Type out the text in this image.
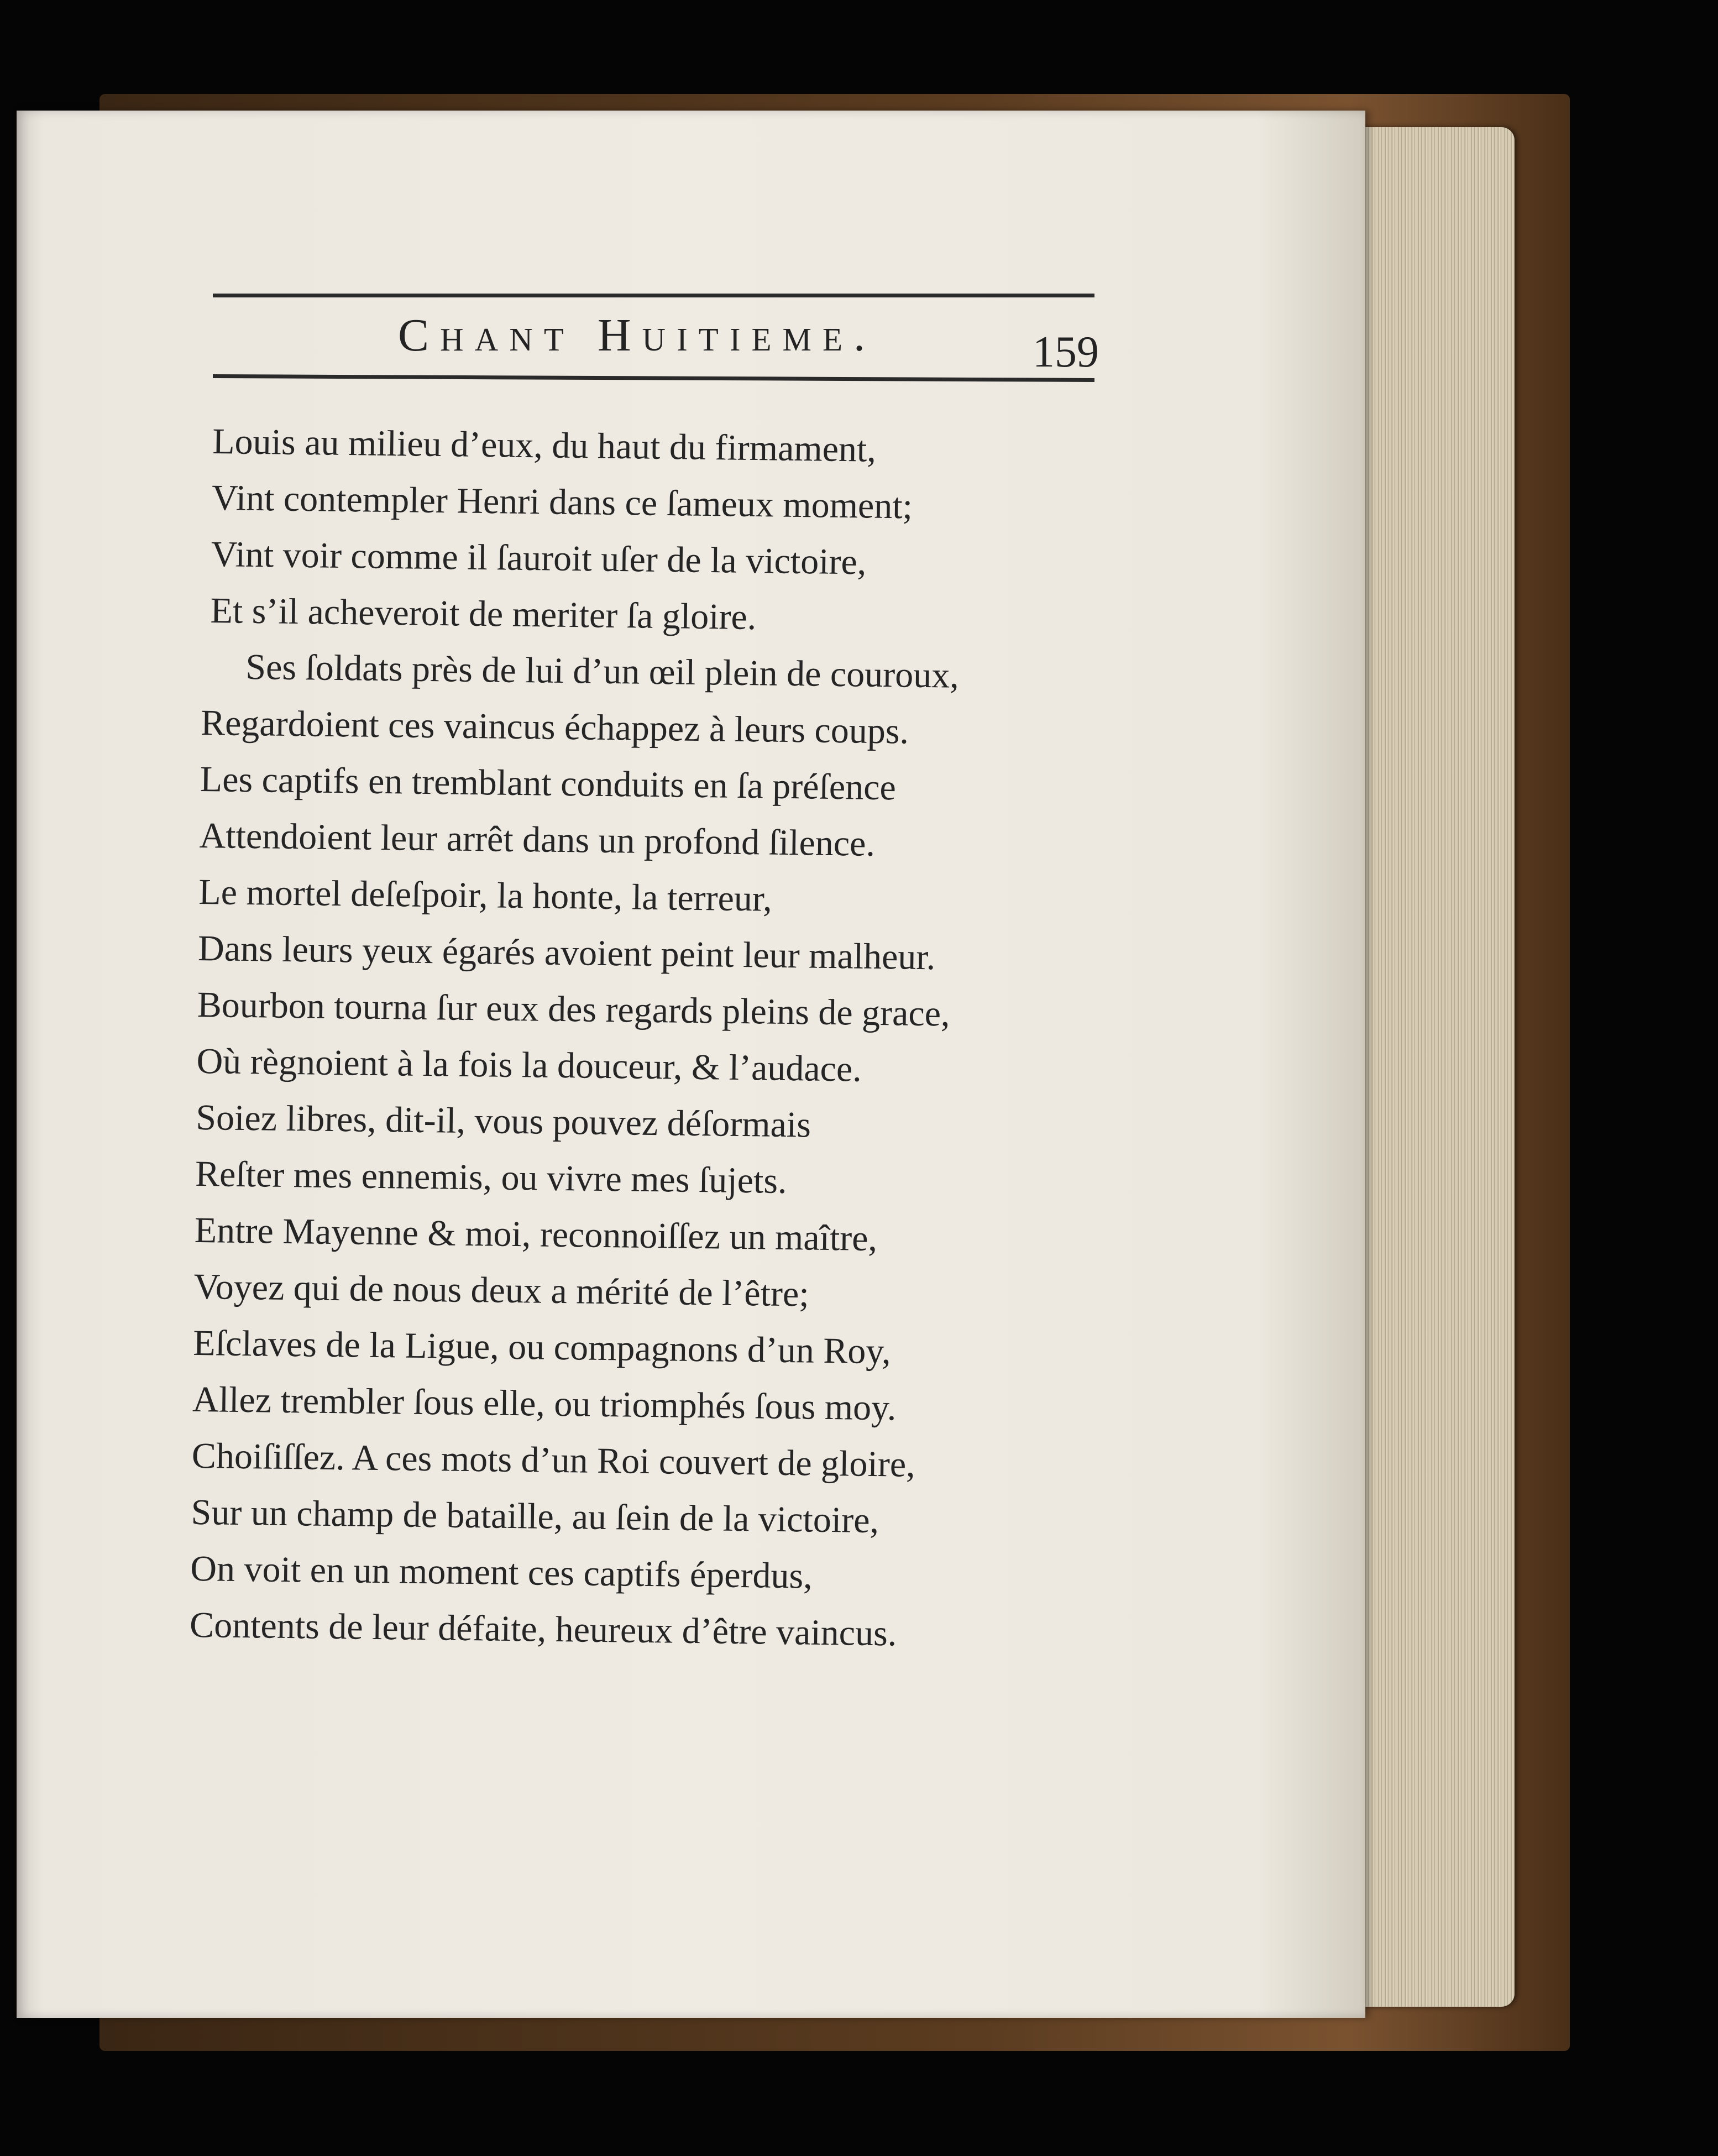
Chant Huitieme.	159
Louis au milieu d’eux, du haut du firmament,
Vint contempler Henri dans ce ſameux moment;
Vint voir comme il ſauroit uſer de la victoire,
Et s’il acheveroit de meriter ſa gloire.
Ses ſoldats près de lui d’un œil plein de couroux,
Regardoient ces vaincus échappez à leurs coups.
Les captifs en tremblant conduits en ſa préſence
Attendoient leur arrêt dans un profond ſilence.
Le mortel deſeſpoir, la honte, la terreur,
Dans leurs yeux égarés avoient peint leur malheur.
Bourbon tourna ſur eux des regards pleins de grace,
Où règnoient à la fois la douceur, & l’audace.
Soiez libres, dit-il, vous pouvez déſormais
Reſter mes ennemis, ou vivre mes ſujets.
Entre Mayenne & moi, reconnoiſſez un maître,
Voyez qui de nous deux a mérité de l’être;
Eſclaves de la Ligue, ou compagnons d’un Roy,
Allez trembler ſous elle, ou triomphés ſous moy.
Choiſiſſez. A ces mots d’un Roi couvert de gloire,
Sur un champ de bataille, au ſein de la victoire,
On voit en un moment ces captifs éperdus,
Contents de leur défaite, heureux d’être vaincus.
